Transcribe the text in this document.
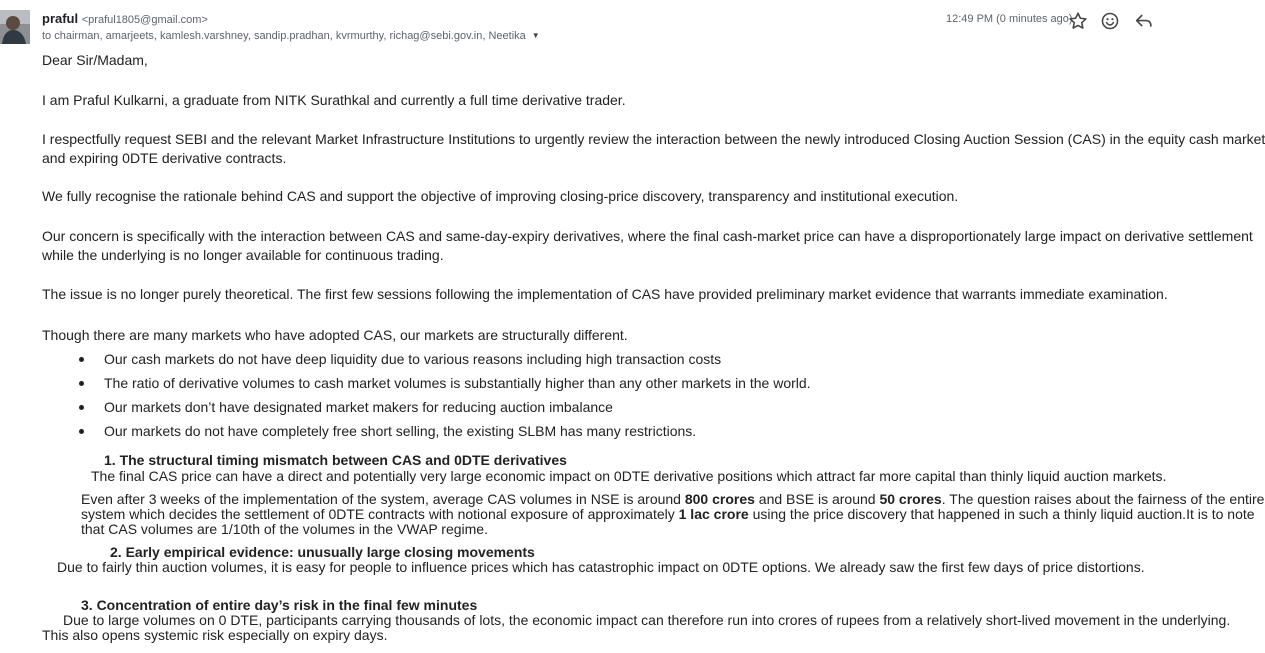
praful <praful1805@gmail.com>
to chairman, amarjeets, kamlesh.varshney, sandip.pradhan, kvrmurthy, richag@sebi.gov.in, Neetika ▼
12:49 PM (0 minutes ago)
Dear Sir/Madam,
I am Praful Kulkarni, a graduate from NITK Surathkal and currently a full time derivative trader.
I respectfully request SEBI and the relevant Market Infrastructure Institutions to urgently review the interaction between the newly introduced Closing Auction Session (CAS) in the equity cash market
and expiring 0DTE derivative contracts.
We fully recognise the rationale behind CAS and support the objective of improving closing-price discovery, transparency and institutional execution.
Our concern is specifically with the interaction between CAS and same-day-expiry derivatives, where the final cash-market price can have a disproportionately large impact on derivative settlement
while the underlying is no longer available for continuous trading.
The issue is no longer purely theoretical. The first few sessions following the implementation of CAS have provided preliminary market evidence that warrants immediate examination.
Though there are many markets who have adopted CAS, our markets are structurally different.
Our cash markets do not have deep liquidity due to various reasons including high transaction costs
The ratio of derivative volumes to cash market volumes is substantially higher than any other markets in the world.
Our markets don’t have designated market makers for reducing auction imbalance
Our markets do not have completely free short selling, the existing SLBM has many restrictions.
1. The structural timing mismatch between CAS and 0DTE derivatives
The final CAS price can have a direct and potentially very large economic impact on 0DTE derivative positions which attract far more capital than thinly liquid auction markets.
Even after 3 weeks of the implementation of the system, average CAS volumes in NSE is around 800 crores and BSE is around 50 crores. The question raises about the fairness of the entire
system which decides the settlement of 0DTE contracts with notional exposure of approximately 1 lac crore using the price discovery that happened in such a thinly liquid auction.It is to note
that CAS volumes are 1/10th of the volumes in the VWAP regime.
2. Early empirical evidence: unusually large closing movements
Due to fairly thin auction volumes, it is easy for people to influence prices which has catastrophic impact on 0DTE options. We already saw the first few days of price distortions.
3. Concentration of entire day’s risk in the final few minutes
Due to large volumes on 0 DTE, participants carrying thousands of lots, the economic impact can therefore run into crores of rupees from a relatively short-lived movement in the underlying.
This also opens systemic risk especially on expiry days.
